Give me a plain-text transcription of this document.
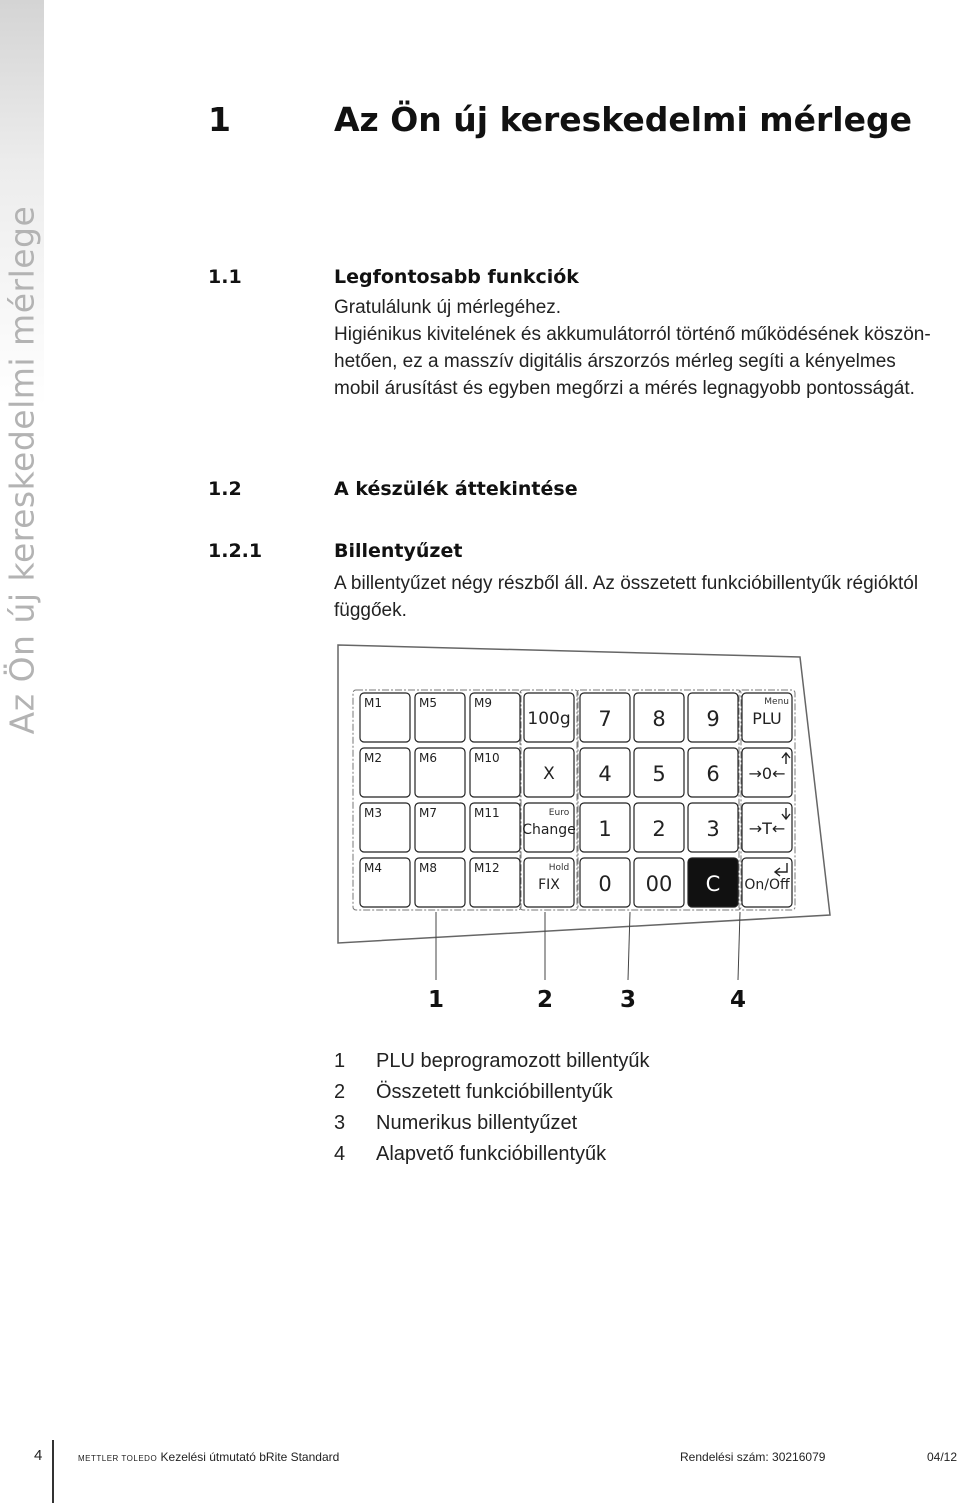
Az Ön új kereskedelmi mérlege
1	Az Ön új kereskedelmi mérlege
1.1	Legfontosabb funkciók
Gratulálunk új mérlegéhez.
Higiénikus kivitelének és akkumulátorról történő működésének köszön-
hetően, ez a masszív digitális árszorzós mérleg segíti a kényelmes
mobil árusítást és egyben megőrzi a mérés legnagyobb pontosságát.
1.2	A készülék áttekintése
1.2.1	Billentyűzet
A billentyűzet négy részből áll. Az összetett funkcióbillentyűk régióktól
függőek.
M1	M5	M9
M2	M6	M10
M3	M7	M11
M4	M8	M12
100g
X
Euro
Change
Hold
FIX
7 8 9
4 5 6
1 2 3
0 00 C
Menu
PLU
→0←
→T←
On/Off
1	2	3	4
1	PLU beprogramozott billentyűk
2	Összetett funkcióbillentyűk
3	Numerikus billentyűzet
4	Alapvető funkcióbillentyűk
4	METTLER TOLEDO Kezelési útmutató bRite Standard	Rendelési szám: 30216079	04/12
